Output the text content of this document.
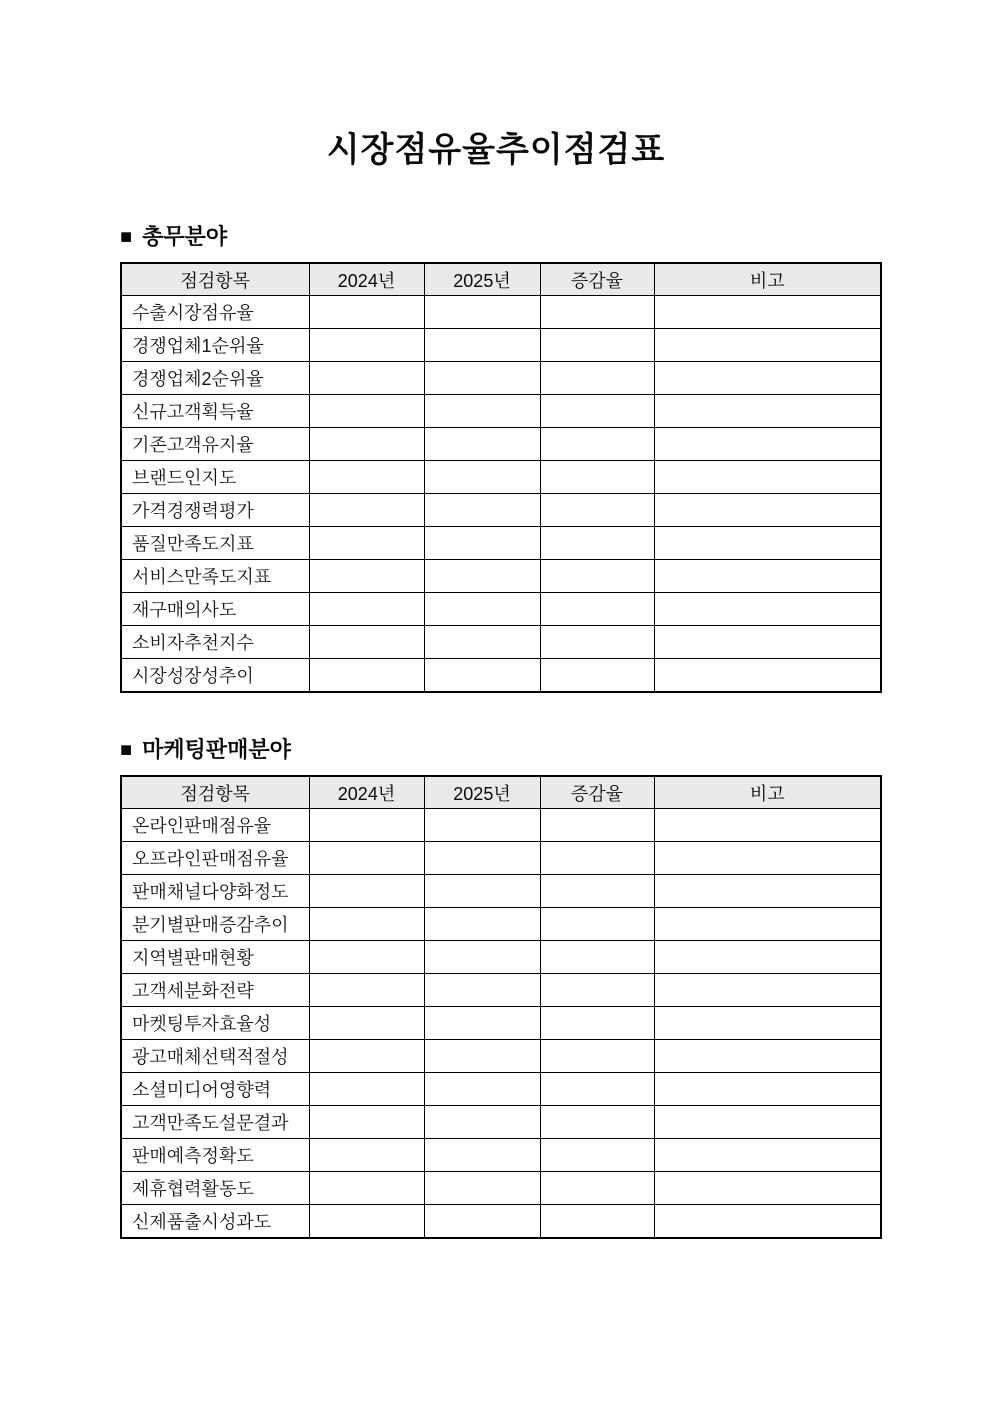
시장점유율추이점검표
■ 총무분야
점검항목	2024년	2025년	증감율	비고
수출시장점유율				
경쟁업체1순위율				
경쟁업체2순위율				
신규고객획득율				
기존고객유지율				
브랜드인지도				
가격경쟁력평가				
품질만족도지표				
서비스만족도지표				
재구매의사도				
소비자추천지수				
시장성장성추이				
■ 마케팅판매분야
점검항목	2024년	2025년	증감율	비고
온라인판매점유율				
오프라인판매점유율				
판매채널다양화정도				
분기별판매증감추이				
지역별판매현황				
고객세분화전략				
마켓팅투자효율성				
광고매체선택적절성				
소셜미디어영향력				
고객만족도설문결과				
판매예측정확도				
제휴협력활동도				
신제품출시성과도				
